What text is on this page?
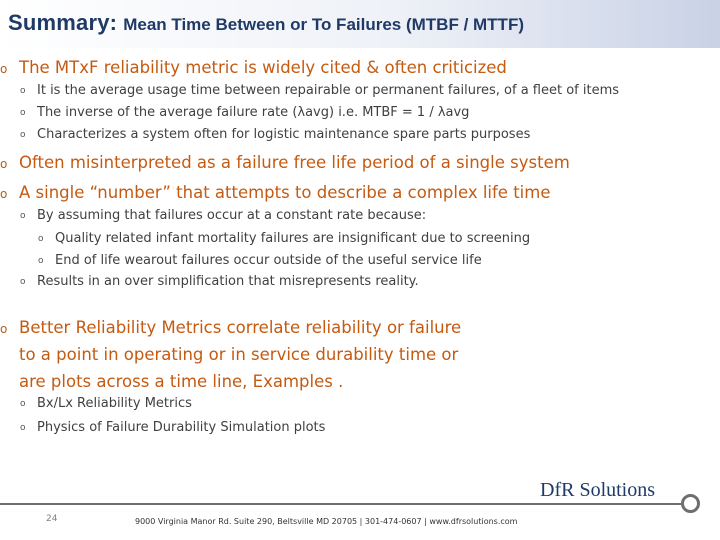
Summary: Mean Time Between or To Failures (MTBF / MTTF)
o The MTxF reliability metric is widely cited & often criticized
o It is the average usage time between repairable or permanent failures, of a fleet of items
o The inverse of the average failure rate (λavg) i.e. MTBF = 1 / λavg
o Characterizes a system often for logistic maintenance spare parts purposes
o Often misinterpreted as a failure free life period of a single system
o A single “number” that attempts to describe a complex life time
o By assuming that failures occur at a constant rate because:
o Quality related infant mortality failures are insignificant due to screening
o End of life wearout failures occur outside of the useful service life
o Results in an over simplification that misrepresents reality.
o Better Reliability Metrics correlate reliability or failure
to a point in operating or in service durability time or
are plots across a time line, Examples .
o Bx/Lx Reliability Metrics
o Physics of Failure Durability Simulation plots
DfR Solutions
24	9000 Virginia Manor Rd. Suite 290, Beltsville MD 20705 | 301-474-0607 | www.dfrsolutions.com
